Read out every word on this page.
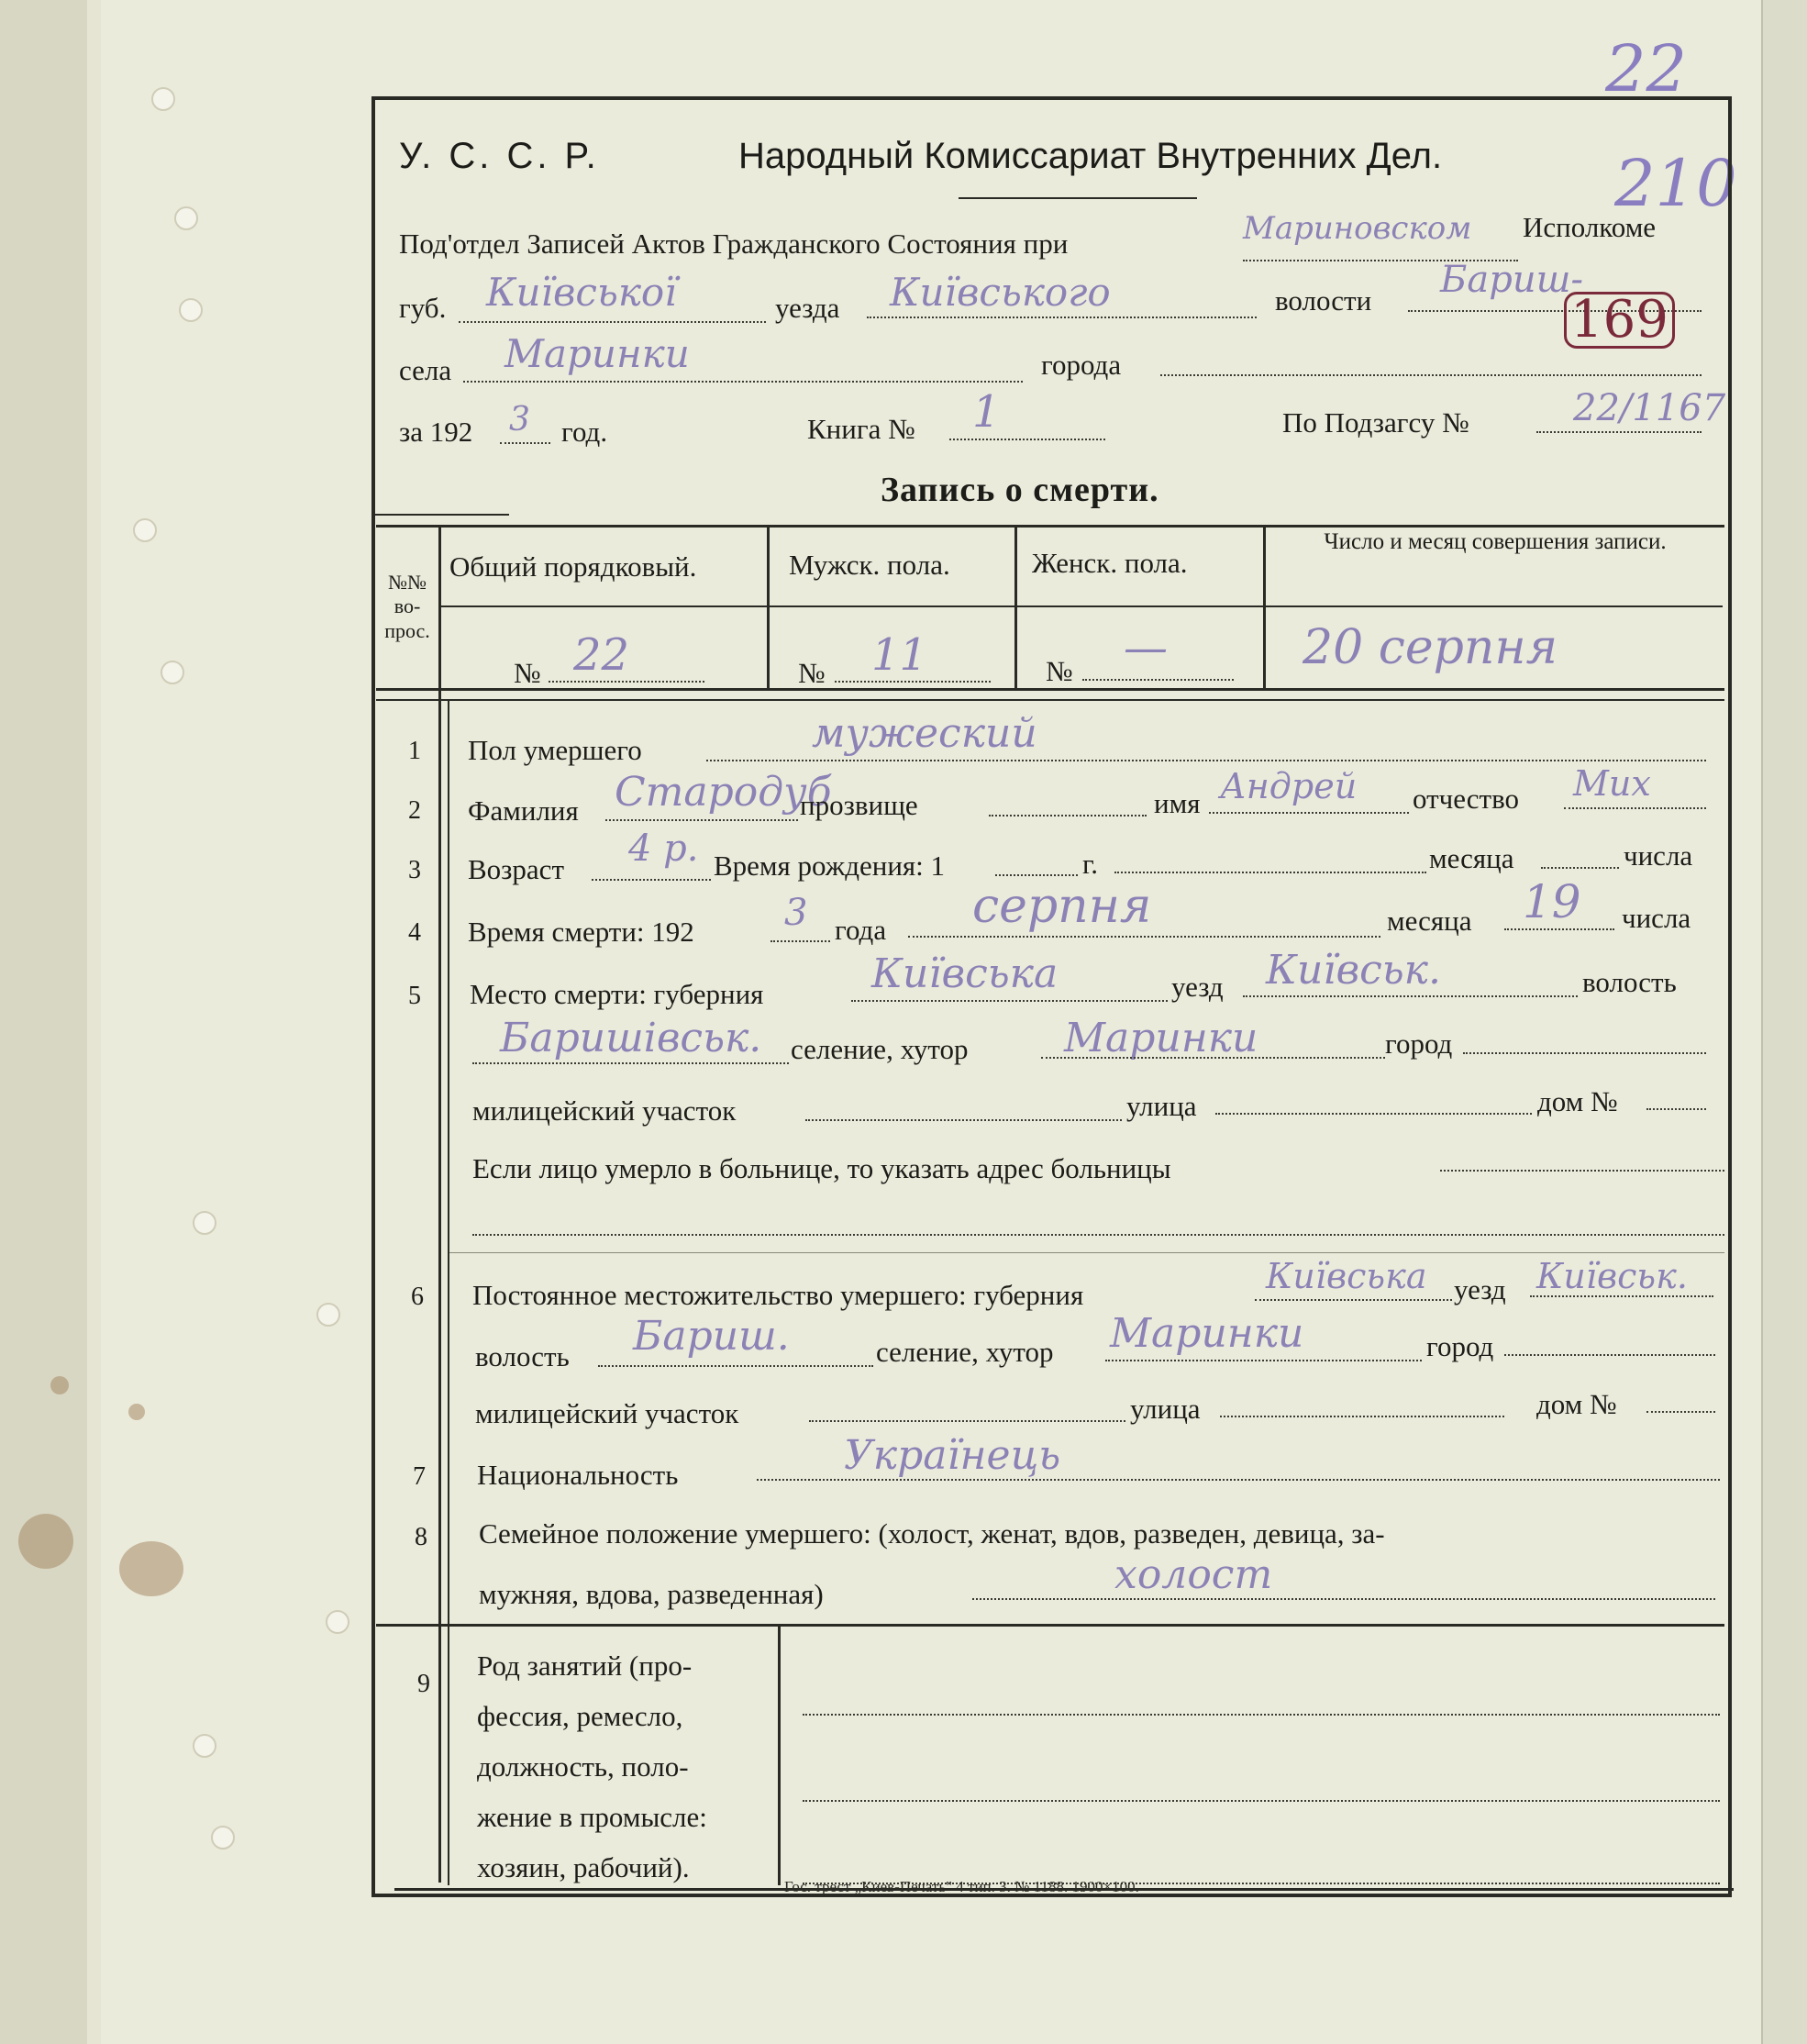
22
210
У. С. С. Р.	Народный Комиссариат Внутренних Дел.
Под'отдел Записей Актов Гражданского Состояния при	Мариновском Исполкоме
губ. Київської	уезда Київського	волости Бариш-
села Маринки	города
169
за 192 3 год.	Книга № 1	По Подзагсу №	22/1167
Запись о смерти.
№№ во- прос.
Общий порядковый.	Мужск. пола.	Женск. пола.
Число и месяц совершения записи.
№ 22	№ 11	№ —	20 серпня
1 Пол умершего	мужеский
2 Фамилия Стародуб
прозвище	имя Андрей отчество Мих
3 Возраст 4 р. Время рождения: 1	г.	месяца	числа
4 Время смерти: 192 3 года серпня	месяца 19 числа
5 Место смерти: губерния	Київська	уезд Київськ.	волость
Баришівськ. селение, хутор Маринки	город
милицейский участок	улица	дом №
Если лицо умерло в больнице, то указать адрес больницы
6 Постоянное местожительство умершего: губерния	Київська уезд Київськ.
волость Бариш.	селение, хутор Маринки	город
милицейский участок	улица	дом №
7 Национальность	Українець
8 Семейное положение умершего: (холост, женат, вдов, разведен, девица, за-
мужняя, вдова, разведенная)	холост
9
Род занятий (про-
фессия, ремесло,
должность, поло-
жение в промысле:
хозяин, рабочий).
Гос. трест „Киев-Печать" 4 тип. З. № 1188. 1900×100.
